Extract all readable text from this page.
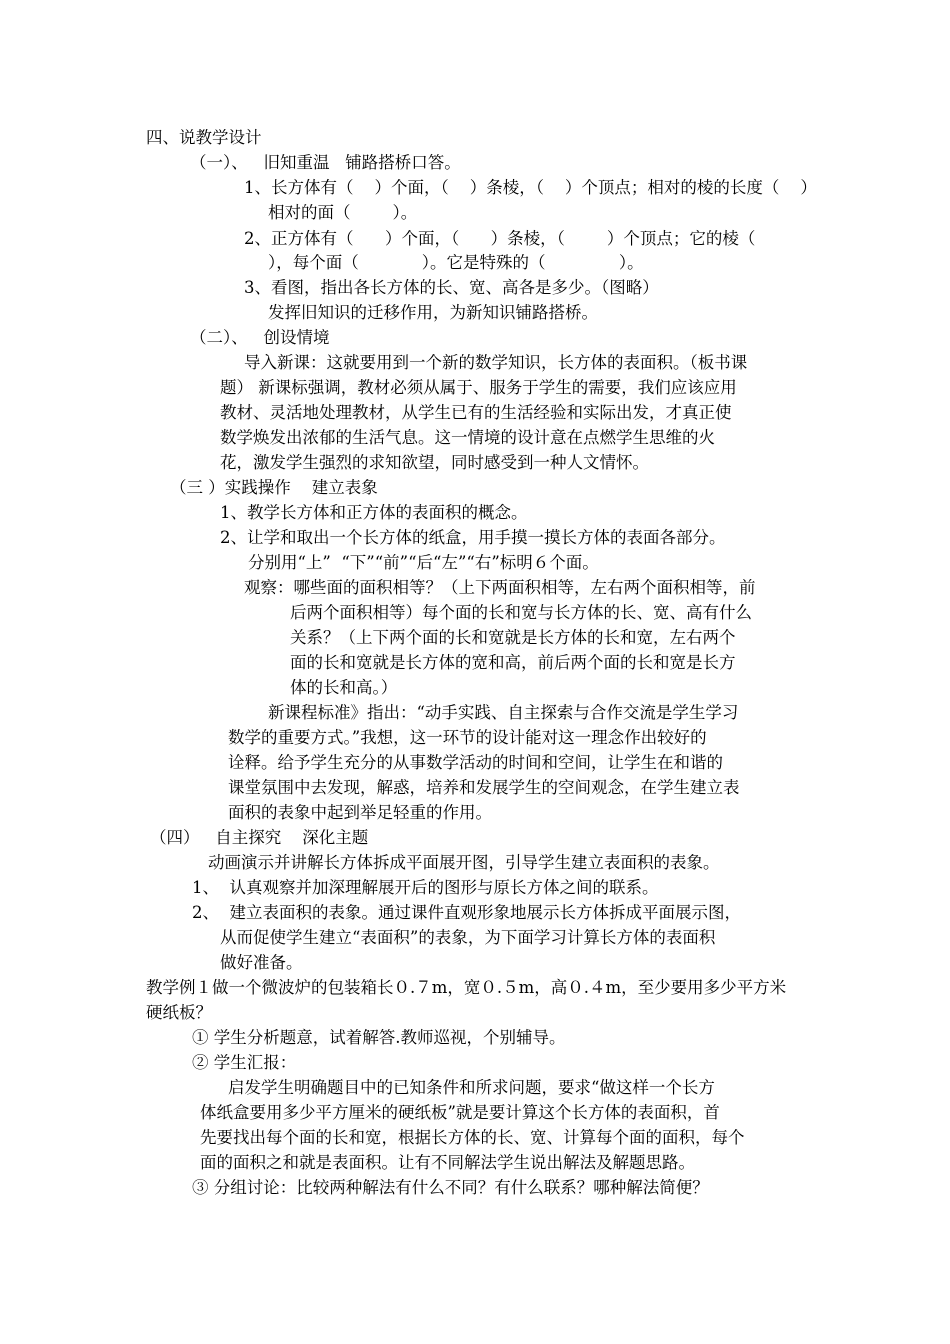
四、说教学设计

（一）、   旧知重温   铺路搭桥口答。

1、长方体有（    ）个面，（    ）条棱，（    ）个顶点；相对的棱的长度（    ）

相对的面（        ）。

2、正方体有（      ）个面，（      ）条棱，（        ）个顶点；它的棱（

），每个面（            ）。它是特殊的（              ）。

3、看图，指出各长方体的长、宽、高各是多少。（图略）

发挥旧知识的迁移作用，为新知识铺路搭桥。

（二）、   创设情境

导入新课：这就要用到一个新的数学知识，长方体的表面积。（板书课

题） 新课标强调，教材必须从属于、服务于学生的需要，我们应该应用

教材、灵活地处理教材，从学生已有的生活经验和实际出发，才真正使

数学焕发出浓郁的生活气息。这一情境的设计意在点燃学生思维的火

花，激发学生强烈的求知欲望，同时感受到一种人文情怀。

（三 ）实践操作    建立表象

1、教学长方体和正方体的表面积的概念。

2、让学和取出一个长方体的纸盒，用手摸一摸长方体的表面各部分。

分别用“上”  “下”“前”“后“左”“右”标明６个面。

观察：哪些面的面积相等？（上下两面积相等，左右两个面积相等，前

后两个面积相等）每个面的长和宽与长方体的长、宽、高有什么

关系？（上下两个面的长和宽就是长方体的长和宽，左右两个

面的长和宽就是长方体的宽和高，前后两个面的长和宽是长方

体的长和高。）

新课程标准》指出：“动手实践、自主探索与合作交流是学生学习

数学的重要方式。”我想，这一环节的设计能对这一理念作出较好的

诠释。给予学生充分的从事数学活动的时间和空间，让学生在和谐的

课堂氛围中去发现，解惑，培养和发展学生的空间观念，在学生建立表

面积的表象中起到举足轻重的作用。

（四）   自主探究    深化主题

动画演示并讲解长方体拆成平面展开图，引导学生建立表面积的表象。

1、  认真观察并加深理解展开后的图形与原长方体之间的联系。

2、  建立表面积的表象。通过课件直观形象地展示长方体拆成平面展示图，

从而促使学生建立“表面积”的表象，为下面学习计算长方体的表面积

做好准备。

教学例１做一个微波炉的包装箱长０.７m，宽０.５m，高０.４m，至少要用多少平方米

硬纸板？

① 学生分析题意，试着解答.教师巡视，个别辅导。

② 学生汇报：

启发学生明确题目中的已知条件和所求问题，要求“做这样一个长方

体纸盒要用多少平方厘米的硬纸板”就是要计算这个长方体的表面积，首

先要找出每个面的长和宽，根据长方体的长、宽、计算每个面的面积，每个

面的面积之和就是表面积。让有不同解法学生说出解法及解题思路。

③ 分组讨论：比较两种解法有什么不同？有什么联系？哪种解法简便？
